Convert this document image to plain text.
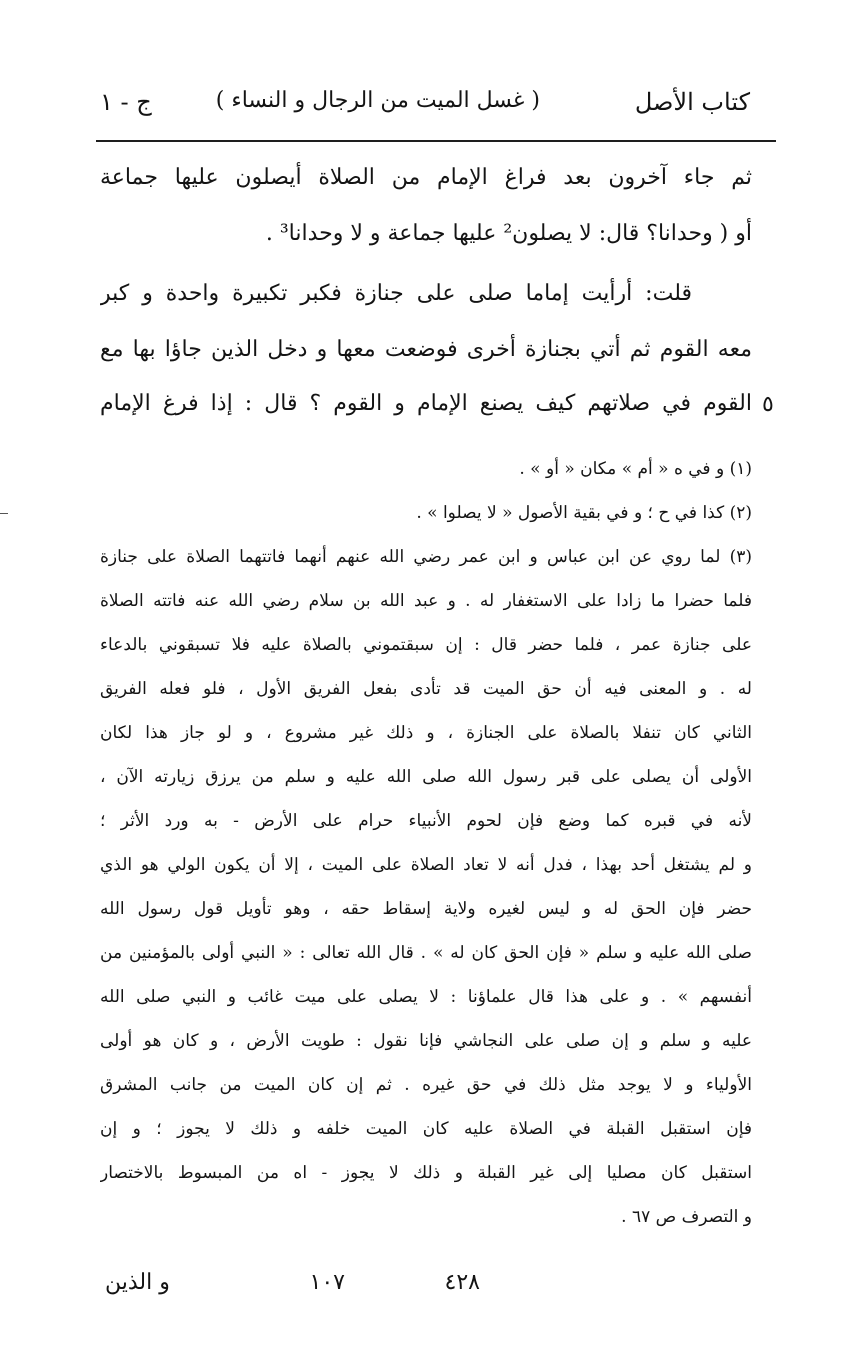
كتاب الأصل
( غسل الميت من الرجال و النساء )
ج - ١
ثم جاء آخرون بعد فراغ الإمام من الصلاة أيصلون عليها جماعة
أو ( وحدانا؟ قال: لا يصلون² عليها جماعة و لا وحدانا³ .
قلت: أرأيت إماما صلى على جنازة فكبر تكبيرة واحدة و كبر
معه القوم ثم أتي بجنازة أخرى فوضعت معها و دخل الذين جاؤا بها مع
القوم في صلاتهم كيف يصنع الإمام و القوم ؟ قال : إذا فرغ الإمام ٥
(١) و في ه « أم » مكان « أو » .
(٢) كذا في ح ؛ و في بقية الأصول « لا يصلوا » .
(٣) لما روي عن ابن عباس و ابن عمر رضي الله عنهم أنهما فاتتهما الصلاة على جنازة
فلما حضرا ما زادا على الاستغفار له . و عبد الله بن سلام رضي الله عنه فاتته الصلاة
على جنازة عمر ، فلما حضر قال : إن سبقتموني بالصلاة عليه فلا تسبقوني بالدعاء
له . و المعنى فيه أن حق الميت قد تأدى بفعل الفريق الأول ، فلو فعله الفريق
الثاني كان تنفلا بالصلاة على الجنازة ، و ذلك غير مشروع ، و لو جاز هذا لكان
الأولى أن يصلى على قبر رسول الله صلى الله عليه و سلم من يرزق زيارته الآن ،
لأنه في قبره كما وضع فإن لحوم الأنبياء حرام على الأرض - به ورد الأثر ؛
و لم يشتغل أحد بهذا ، فدل أنه لا تعاد الصلاة على الميت ، إلا أن يكون الولي هو الذي
حضر فإن الحق له و ليس لغيره ولاية إسقاط حقه ، وهو تأويل قول رسول الله
صلى الله عليه و سلم « فإن الحق كان له » . قال الله تعالى : « النبي أولى بالمؤمنين من
أنفسهم » . و على هذا قال علماؤنا : لا يصلى على ميت غائب و النبي صلى الله
عليه و سلم و إن صلى على النجاشي فإنا نقول : طويت الأرض ، و كان هو أولى
الأولياء و لا يوجد مثل ذلك في حق غيره . ثم إن كان الميت من جانب المشرق
فإن استقبل القبلة في الصلاة عليه كان الميت خلفه و ذلك لا يجوز ؛ و إن
استقبل كان مصليا إلى غير القبلة و ذلك لا يجوز - اه من المبسوط بالاختصار
و التصرف ص ٦٧ .
٤٢٨
١٠٧
و الذين
